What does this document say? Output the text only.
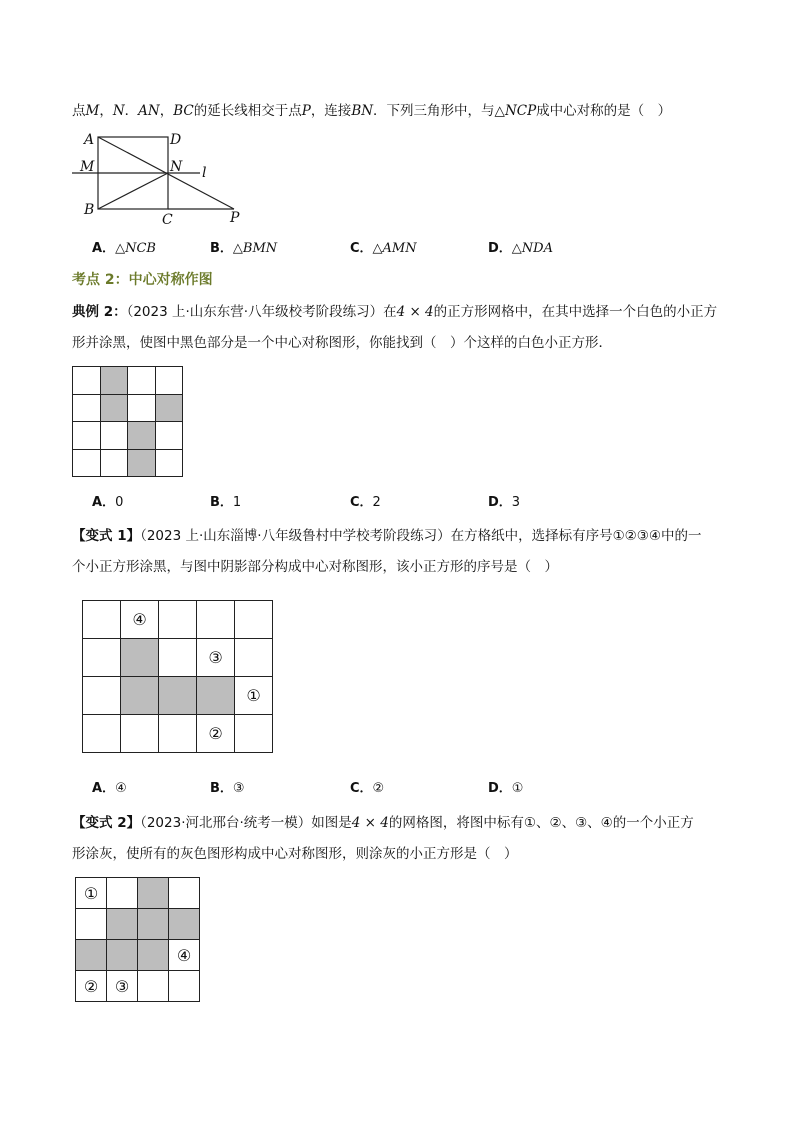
点M，N．AN，BC的延长线相交于点P，连接BN．下列三角形中，与△NCP成中心对称的是（　）
A	D
M	N l
B
C	P
A．△NCB	B．△BMN	C．△AMN	D．△NDA
考点 2：中心对称作图
典例 2：（2023 上·山东东营·八年级校考阶段练习）在4 × 4的正方形网格中，在其中选择一个白色的小正方
形并涂黑，使图中黑色部分是一个中心对称图形，你能找到（　）个这样的白色小正方形．

A．0	B．1	C．2	D．3
【变式 1】（2023 上·山东淄博·八年级鲁村中学校考阶段练习）在方格纸中，选择标有序号①②③④中的一
个小正方形涂黑，与图中阴影部分构成中心对称图形，该小正方形的序号是（　）
	④			
			③	
				①
			②	
A．④	B．③	C．②	D．①
【变式 2】（2023·河北邢台·统考一模）如图是4 × 4的网格图，将图中标有①、②、③、④的一个小正方
形涂灰，使所有的灰色图形构成中心对称图形，则涂灰的小正方形是（　）
①			

			④
②	③		
